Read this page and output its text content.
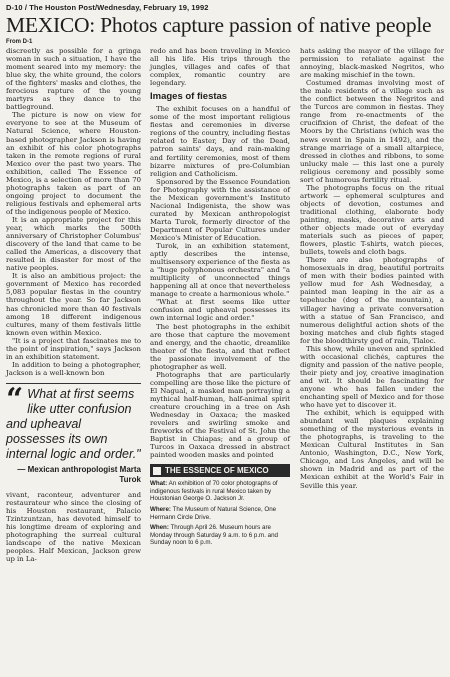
D-10 / The Houston Post/Wednesday, February 19, 1992
MEXICO: Photos capture passion of native people
From D-1

discreetly as possible for a gringa woman in such a situation, I have the moment seared into my memory: the blue sky, the white ground, the colors of the fighters' masks and clothes, the ferocious rapture of the young martyrs as they dance to the battleground.

The picture is now on view for everyone to see at the Museum of Natural Science, where Houston-based photographer Jackson is having an exhibit of his color photographs taken in the remote regions of rural Mexico over the past two years. The exhibition, called The Essence of Mexico, is a selection of more than 70 photographs taken as part of an ongoing project to document the religious festivals and ephemeral arts of the indigenous people of Mexico.

It is an appropriate project for this year, which marks the 500th anniversary of Christopher Columbus' discovery of the land that came to be called the Americas, a discovery that resulted in disaster for most of the native peoples.

It is also an ambitious project: the government of Mexico has recorded 5,083 popular fiestas in the country throughout the year. So far Jackson has chronicled more than 40 festivals among 18 different indigenous cultures, many of them festivals little known even within Mexico.

"It is a project that fascinates me to the point of inspiration," says Jackson in an exhibition statement.

In addition to being a photographer, Jackson is a well-known bon

“ What at first seems like utter confusion and upheaval possesses its own internal logic and order."
— Mexican anthropologist Marta Turok

vivant, raconteur, adventurer and restaurateur who since the closing of his Houston restaurant, Palacio Tzintzuntzan, has devoted himself to his longtime dream of exploring and photographing the surreal cultural landscape of the native Mexican peoples. Half Mexican, Jackson grew up in La-

redo and has been traveling in Mexico all his life. His trips through the jungles, villages and cafes of that complex, romantic country are legendary.

Images of fiestas

The exhibit focuses on a handful of some of the most important religious fiestas and ceremonies in diverse regions of the country, including fiestas related to Easter, Day of the Dead, patron saints' days, and rain-making and fertility ceremonies, most of them bizarre mixtures of pre-Columbian religion and Catholicism.

Sponsored by the Essence Foundation for Photography with the assistance of the Mexican government's Instituto Nacional Indigenista, the show was curated by Mexican anthropologist Marta Turok, formerly director of the Department of Popular Cultures under Mexico's Minister of Education.

Turok, in an exhibition statement, aptly describes the intense, multisensory experience of the fiesta as a "huge polyphonous orchestra" and "a multiplicity of unconnected things happening all at once that nevertheless manage to create a harmonious whole."

"What at first seems like utter confusion and upheaval possesses its own internal logic and order."

The best photographs in the exhibit are those that capture the movement and energy, and the chaotic, dreamlike theater of the fiesta, and that reflect the passionate involvement of the photographer as well.

Photographs that are particularly compelling are those like the picture of El Nagual, a masked man portraying a mythical half-human, half-animal spirit creature crouching in a tree on Ash Wednesday in Oaxaca; the masked revelers and swirling smoke and fireworks of the Festival of St. John the Baptist in Chiapas; and a group of Turcos in Oaxaca dressed in abstract painted wooden masks and pointed

THE ESSENCE OF MEXICO

What: An exhibition of 70 color photographs of indigenous festivals in rural Mexico taken by Houstonian George O. Jackson Jr.

Where: The Museum of Natural Science, One Hermann Circle Drive.

When: Through April 26. Museum hours are Monday through Saturday 9 a.m. to 6 p.m. and Sunday noon to 6 p.m.

hats asking the mayor of the village for permission to retaliate against the annoying, black-masked Negritos, who are making mischief in the town.

Costumed dramas involving most of the male residents of a village such as the conflict between the Negritos and the Turcos are common in fiestas. They range from re-enactments of the crucifixion of Christ, the defeat of the Moors by the Christians (which was the news event in Spain in 1492), and the strange marriage of a small altarpiece, dressed in clothes and ribbons, to some unlucky male — this last one a purely religious ceremony and possibly some sort of humorous fertility ritual.

The photographs focus on the ritual artwork — ephemeral sculptures and objects of devotion, costumes and traditional clothing, elaborate body painting, masks, decorative arts and other objects made out of everyday materials such as pieces of paper, flowers, plastic T-shirts, watch pieces, bullets, towels and cloth bags.

There are also photographs of homosexuals in drag, beautiful portraits of men with their bodies painted with yellow mud for Ash Wednesday, a painted man leaping in the air as a tepehuche (dog of the mountain), a villager having a private conversation with a statue of San Francisco, and numerous delightful action shots of the boxing matches and club fights staged for the bloodthirsty god of rain, Tlaloc.

This show, while uneven and sprinkled with occasional clichés, captures the dignity and passion of the native people, their piety and joy, creative imagination and wit. It should be fascinating for anyone who has fallen under the enchanting spell of Mexico and for those who have yet to discover it.

The exhibit, which is equipped with abundant wall plaques explaining something of the mysterious events in the photographs, is traveling to the Mexican Cultural Institutes in San Antonio, Washington, D.C., New York, Chicago, and Los Angeles, and will be shown in Madrid and as part of the Mexican exhibit at the World's Fair in Seville this year.
